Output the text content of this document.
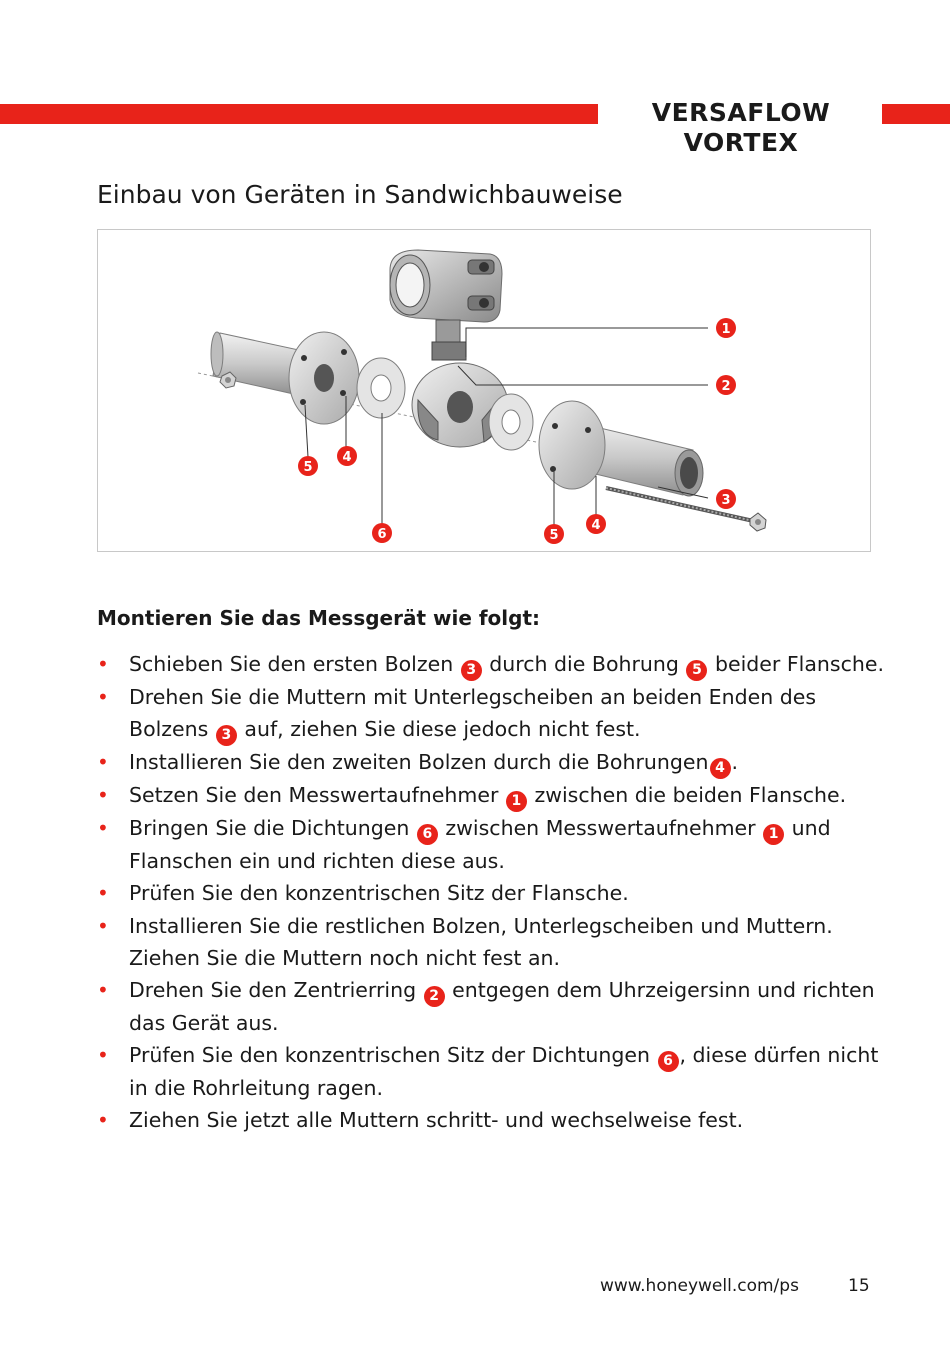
VERSAFLOW VORTEX
Einbau von Geräten in Sandwichbauweise
1
2
3
4
5
6	5
4
Montieren Sie das Messgerät wie folgt:
• Schieben Sie den ersten Bolzen 3 durch die Bohrung 5 beider Flansche.
• Drehen Sie die Muttern mit Unterlegscheiben an beiden Enden des Bolzens 3 auf, ziehen Sie diese jedoch nicht fest.
• Installieren Sie den zweiten Bolzen durch die Bohrungen 4 .
• Setzen Sie den Messwertaufnehmer 1 zwischen die beiden Flansche.
• Bringen Sie die Dichtungen 6 zwischen Messwertaufnehmer 1 und Flanschen ein und richten diese aus.
• Prüfen Sie den konzentrischen Sitz der Flansche.
• Installieren Sie die restlichen Bolzen, Unterlegscheiben und Muttern. Ziehen Sie die Muttern noch nicht fest an.
• Drehen Sie den Zentrierring 2 entgegen dem Uhrzeigersinn und richten das Gerät aus.
• Prüfen Sie den konzentrischen Sitz der Dichtungen 6 , diese dürfen nicht in die Rohrleitung ragen.
• Ziehen Sie jetzt alle Muttern schritt- und wechselweise fest.
www.honeywell.com/ps	15
